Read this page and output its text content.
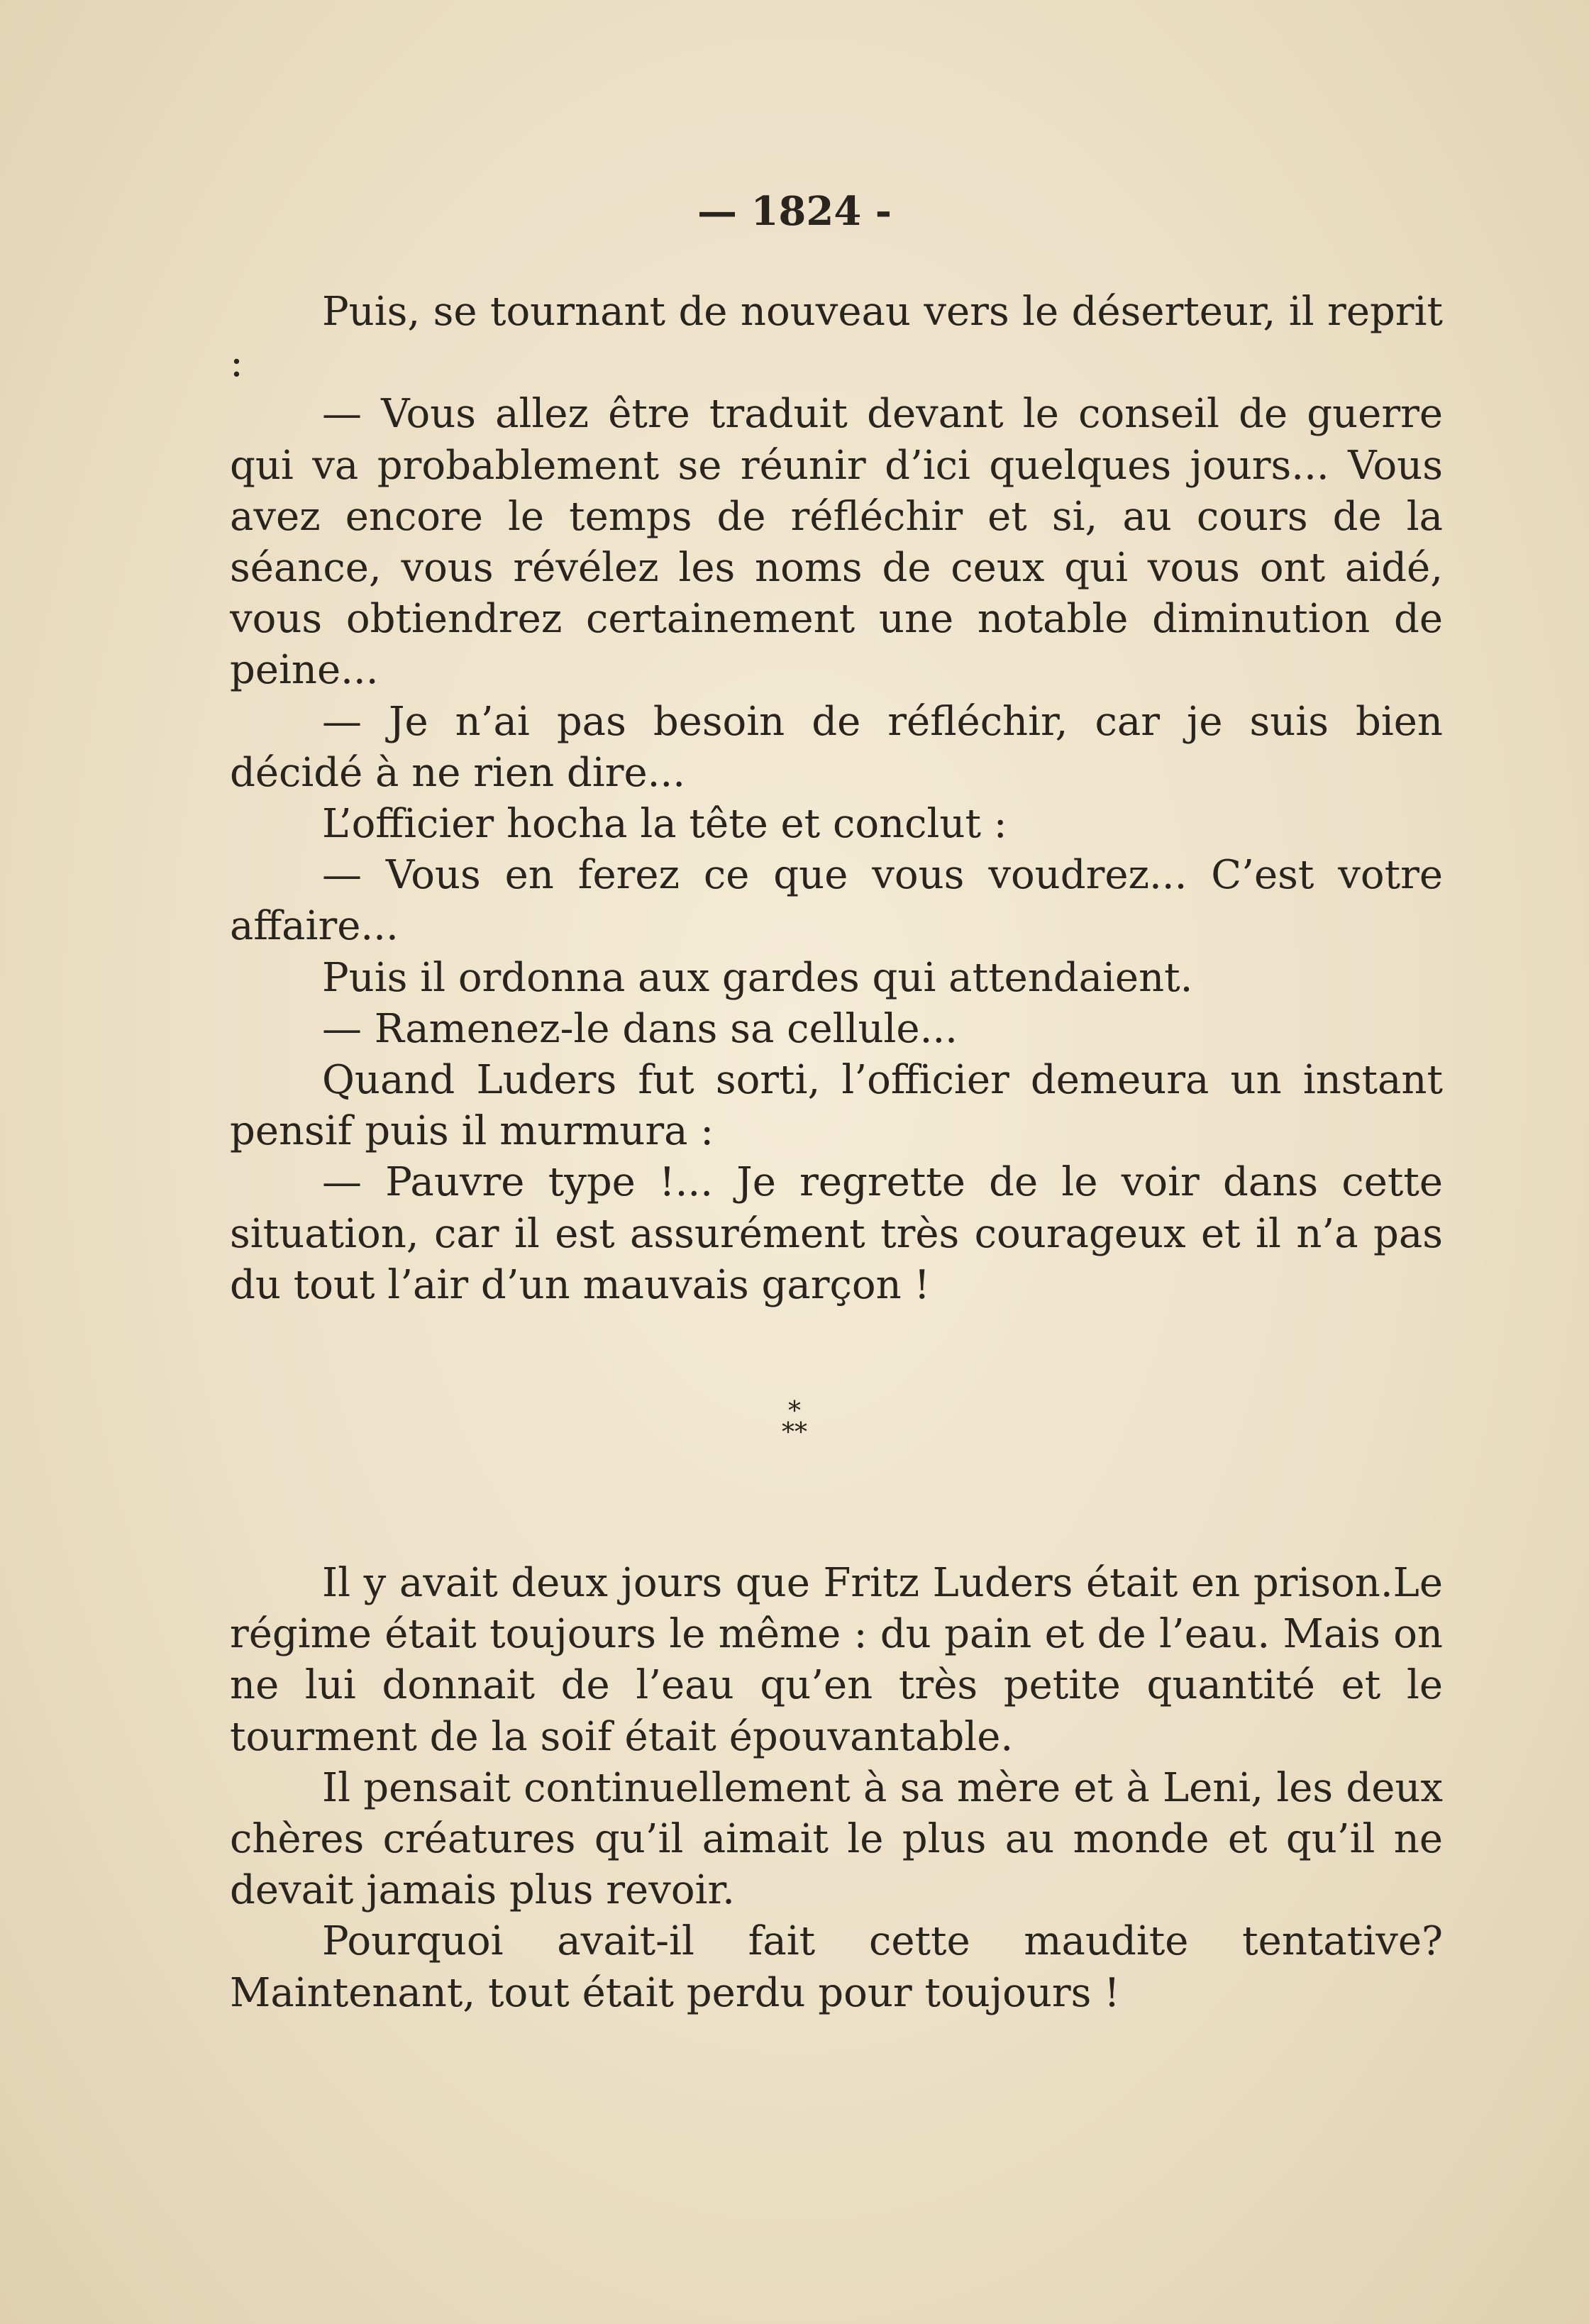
— 1824 -

Puis, se tournant de nouveau vers le déserteur, il reprit :

— Vous allez être traduit devant le conseil de guerre qui va probablement se réunir d’ici quelques jours... Vous avez encore le temps de réfléchir et si, au cours de la séance, vous révélez les noms de ceux qui vous ont aidé, vous obtiendrez certainement une notable diminution de peine...

— Je n’ai pas besoin de réfléchir, car je suis bien décidé à ne rien dire...

L’officier hocha la tête et conclut :

— Vous en ferez ce que vous voudrez... C’est votre affaire...

Puis il ordonna aux gardes qui attendaient.

— Ramenez-le dans sa cellule...

Quand Luders fut sorti, l’officier demeura un instant pensif puis il murmura :

— Pauvre type !... Je regrette de le voir dans cette situation, car il est assurément très courageux et il n’a pas du tout l’air d’un mauvais garçon !

*
**

Il y avait deux jours que Fritz Luders était en prison.Le régime était toujours le même : du pain et de l’eau. Mais on ne lui donnait de l’eau qu’en très petite quantité et le tourment de la soif était épouvantable.

Il pensait continuellement à sa mère et à Leni, les deux chères créatures qu’il aimait le plus au monde et qu’il ne devait jamais plus revoir.

Pourquoi avait-il fait cette maudite tentative? Maintenant, tout était perdu pour toujours !
